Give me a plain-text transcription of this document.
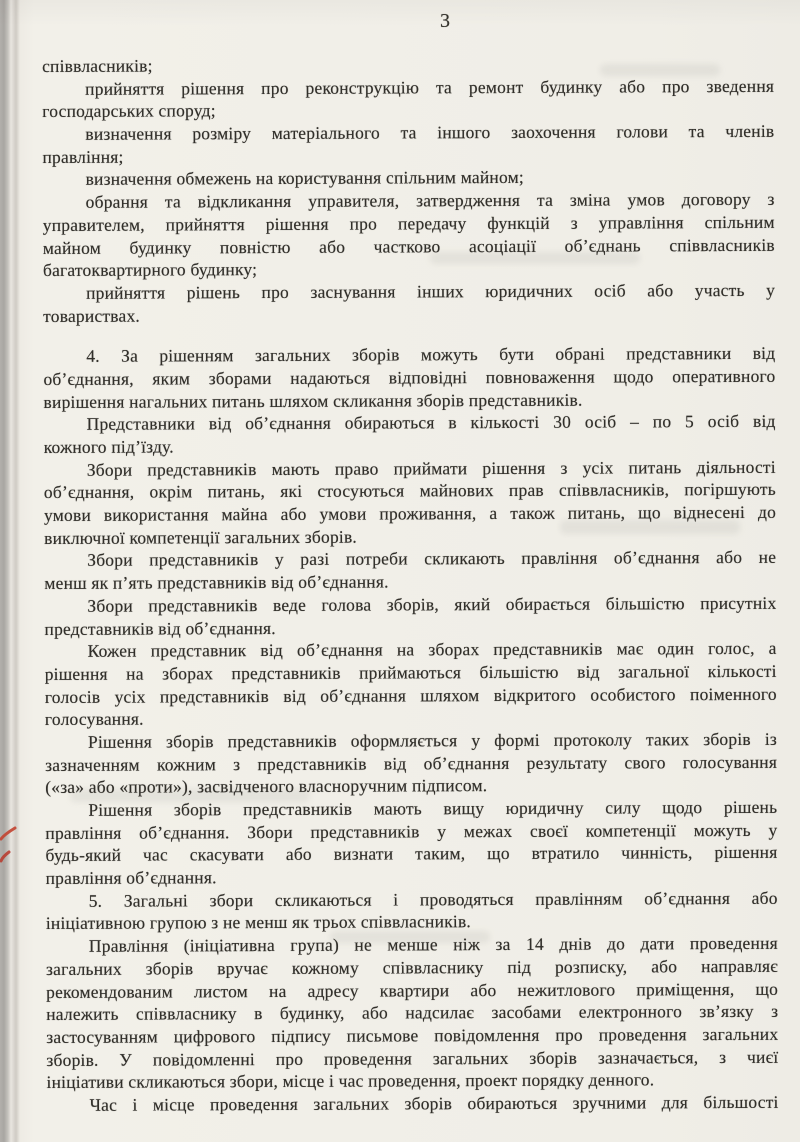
3
співвласників;
прийняття рішення про реконструкцію та ремонт будинку або про зведення
господарських споруд;
визначення розміру матеріального та іншого заохочення голови та членів
правління;
визначення обмежень на користування спільним майном;
обрання та відкликання управителя, затвердження та зміна умов договору з
управителем, прийняття рішення про передачу функцій з управління спільним
майном будинку повністю або частково асоціації об’єднань співвласників
багатоквартирного будинку;
прийняття рішень про заснування інших юридичних осіб або участь у
товариствах.
4. За рішенням загальних зборів можуть бути обрані представники від
об’єднання, яким зборами надаються відповідні повноваження щодо оперативного
вирішення нагальних питань шляхом скликання зборів представників.
Представники від об’єднання обираються в кількості 30 осіб – по 5 осіб від
кожного під’їзду.
Збори представників мають право приймати рішення з усіх питань діяльності
об’єднання, окрім питань, які стосуються майнових прав співвласників, погіршують
умови використання майна або умови проживання, а також питань, що віднесені до
виключної компетенції загальних зборів.
Збори представників у разі потреби скликають правління об’єднання або не
менш як п’ять представників від об’єднання.
Збори представників веде голова зборів, який обирається більшістю присутніх
представників від об’єднання.
Кожен представник від об’єднання на зборах представників має один голос, а
рішення на зборах представників приймаються більшістю від загальної кількості
голосів усіх представників від об’єднання шляхом відкритого особистого поіменного
голосування.
Рішення зборів представників оформляється у формі протоколу таких зборів із
зазначенням кожним з представників від об’єднання результату свого голосування
(«за» або «проти»), засвідченого власноручним підписом.
Рішення зборів представників мають вищу юридичну силу щодо рішень
правління об’єднання. Збори представників у межах своєї компетенції можуть у
будь-який час скасувати або визнати таким, що втратило чинність, рішення
правління об’єднання.
5. Загальні збори скликаються і проводяться правлінням об’єднання або
ініціативною групою з не менш як трьох співвласників.
Правління (ініціативна група) не менше ніж за 14 днів до дати проведення
загальних зборів вручає кожному співвласнику під розписку, або направляє
рекомендованим листом на адресу квартири або нежитлового приміщення, що
належить співвласнику в будинку, або надсилає засобами електронного зв’язку з
застосуванням цифрового підпису письмове повідомлення про проведення загальних
зборів. У повідомленні про проведення загальних зборів зазначається, з чиєї
ініціативи скликаються збори, місце і час проведення, проект порядку денного.
Час і місце проведення загальних зборів обираються зручними для більшості
